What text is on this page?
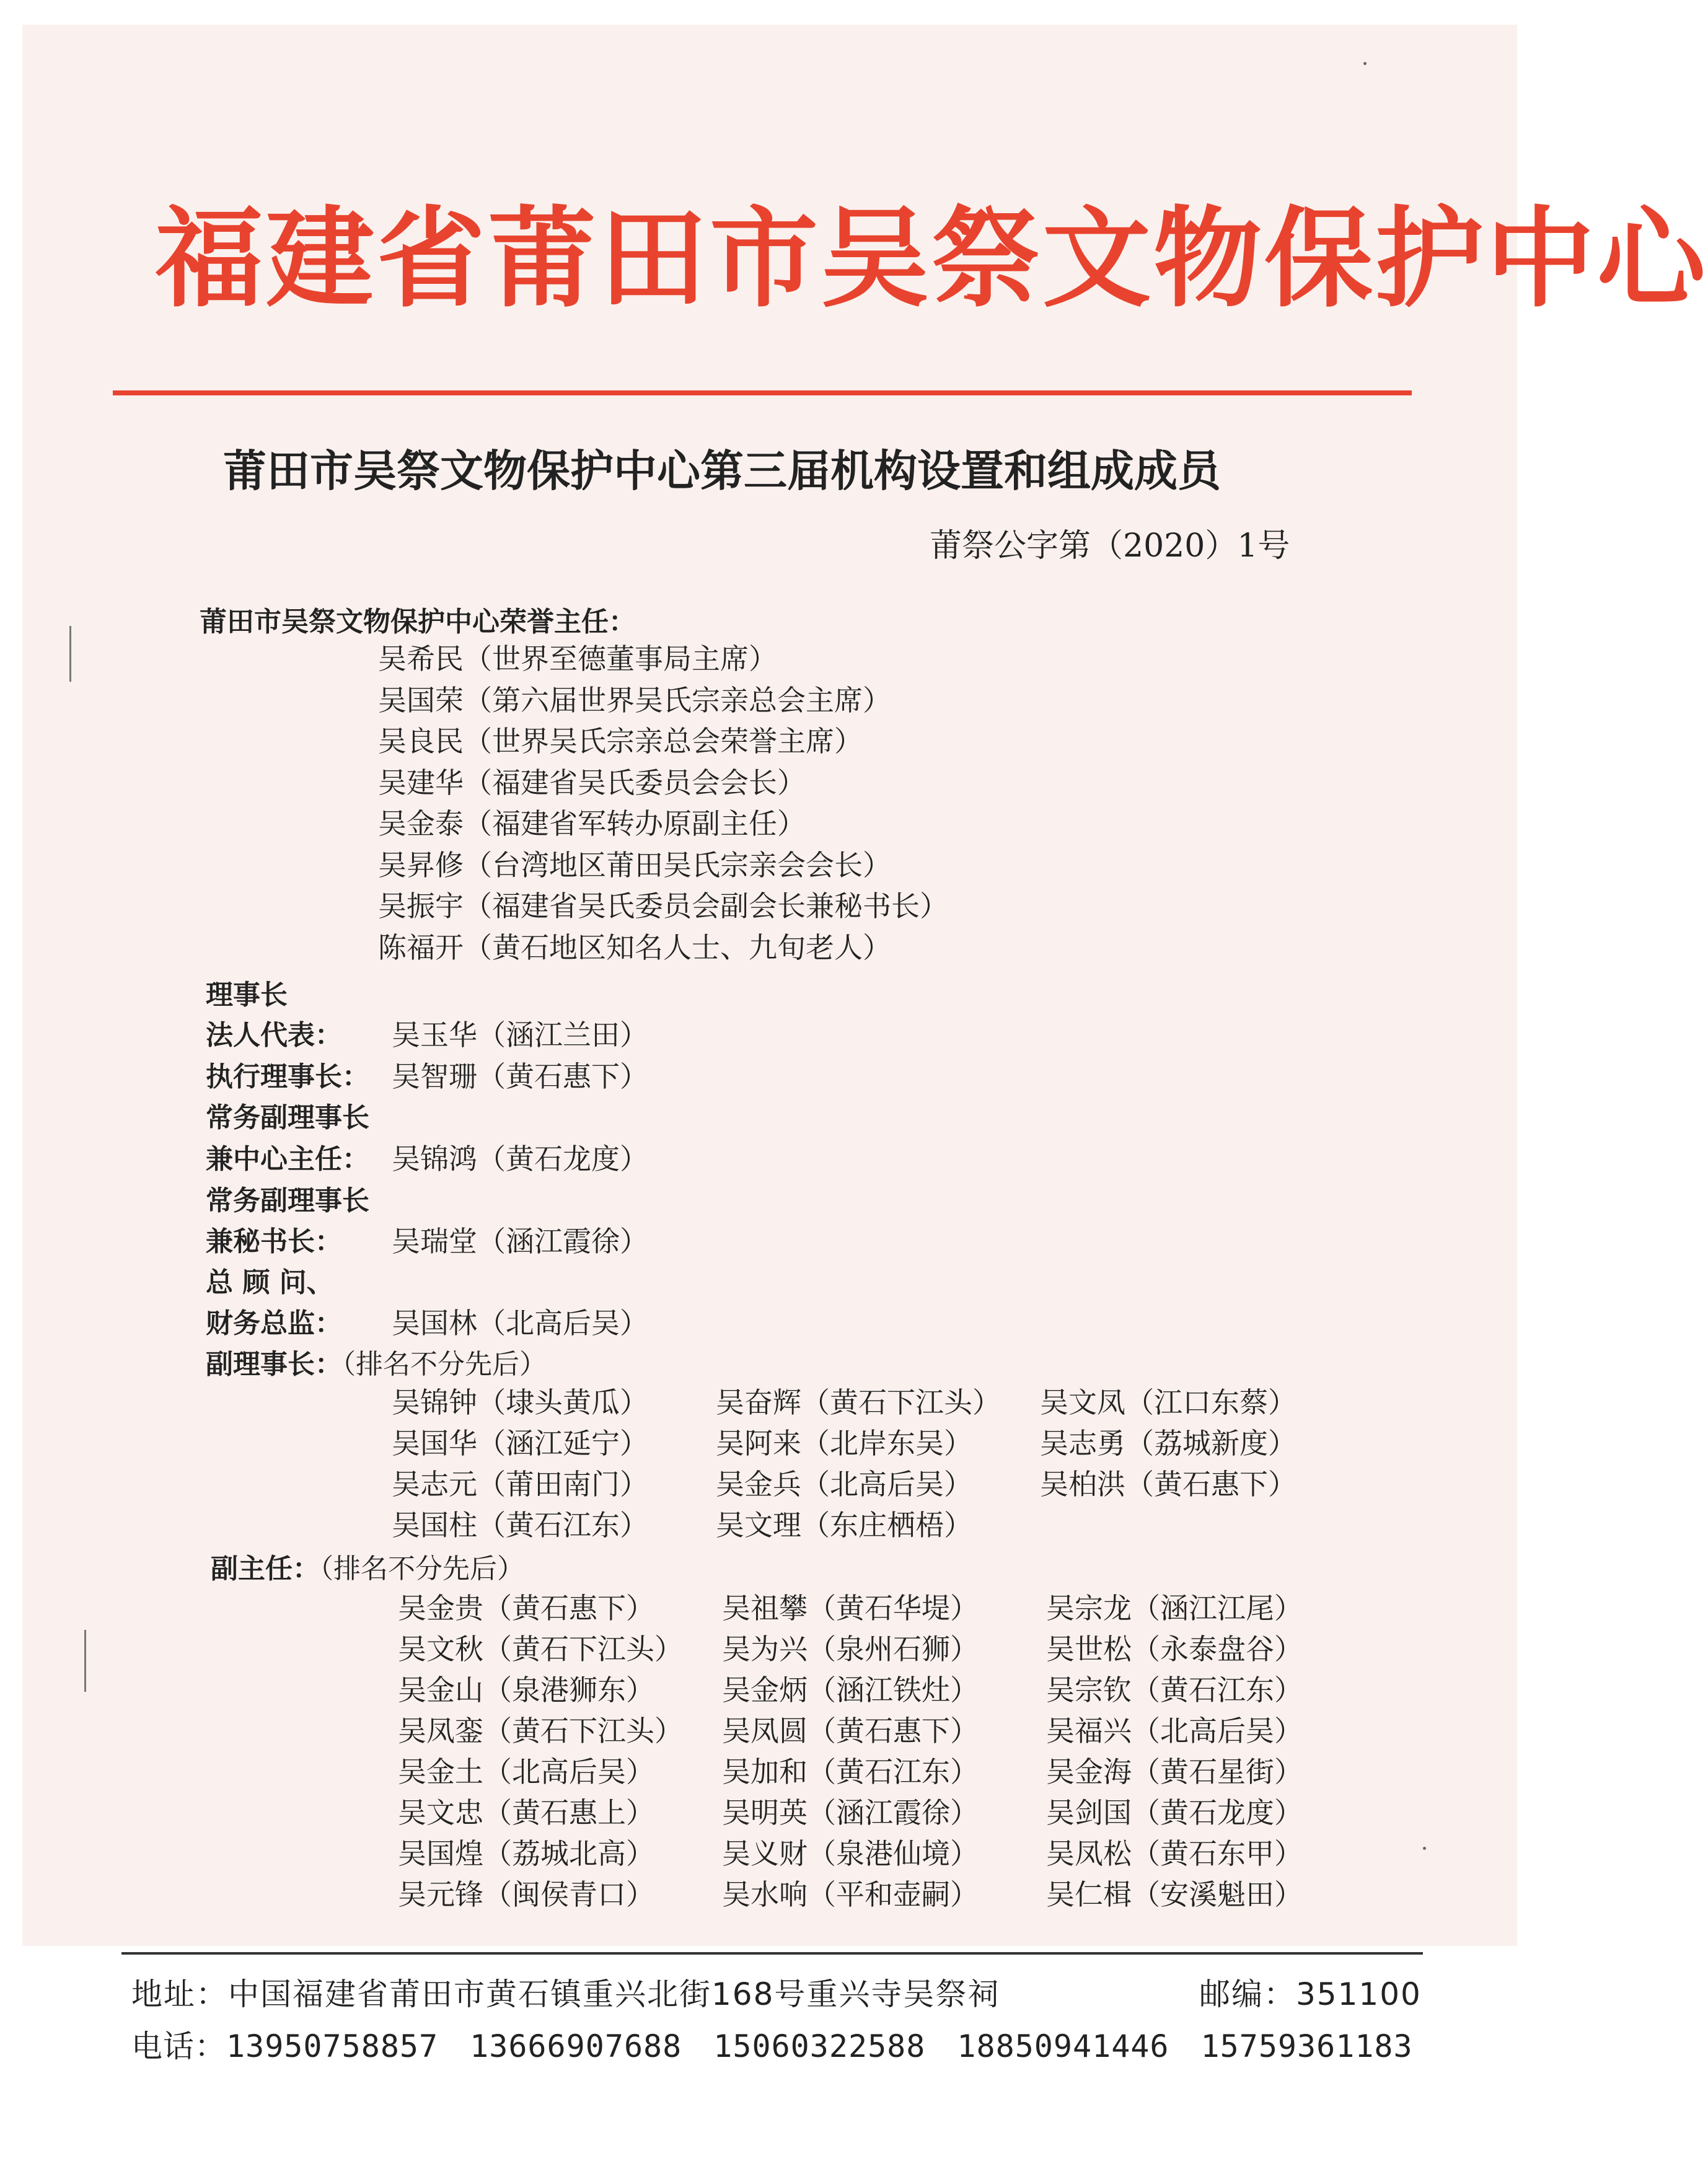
福建省莆田市吴祭文物保护中心
莆田市吴祭文物保护中心第三届机构设置和组成成员
莆祭公字第（2020）1号
莆田市吴祭文物保护中心荣誉主任：
吴希民（世界至德董事局主席）
吴国荣（第六届世界吴氏宗亲总会主席）
吴良民（世界吴氏宗亲总会荣誉主席）
吴建华（福建省吴氏委员会会长）
吴金泰（福建省军转办原副主任）
吴昇修（台湾地区莆田吴氏宗亲会会长）
吴振宇（福建省吴氏委员会副会长兼秘书长）
陈福开（黄石地区知名人士、九旬老人）
理事长
法人代表： 吴玉华（涵江兰田）
执行理事长： 吴智珊（黄石惠下）
常务副理事长
兼中心主任： 吴锦鸿（黄石龙度）
常务副理事长
兼秘书长： 吴瑞堂（涵江霞徐）
总 顾 问、
财务总监： 吴国林（北高后吴）
副理事长：（排名不分先后）
吴锦钟（埭头黄瓜） 吴奋辉（黄石下江头） 吴文凤（江口东蔡）
吴国华（涵江延宁） 吴阿来（北岸东吴） 吴志勇（荔城新度）
吴志元（莆田南门） 吴金兵（北高后吴） 吴柏洪（黄石惠下）
吴国柱（黄石江东） 吴文理（东庄栖梧）
副主任：（排名不分先后）
吴金贵（黄石惠下） 吴祖攀（黄石华堤） 吴宗龙（涵江江尾）
吴文秋（黄石下江头） 吴为兴（泉州石狮） 吴世松（永泰盘谷）
吴金山（泉港狮东） 吴金炳（涵江铁灶） 吴宗钦（黄石江东）
吴凤銮（黄石下江头） 吴凤圆（黄石惠下） 吴福兴（北高后吴）
吴金土（北高后吴） 吴加和（黄石江东） 吴金海（黄石星街）
吴文忠（黄石惠上） 吴明英（涵江霞徐） 吴剑国（黄石龙度）
吴国煌（荔城北高） 吴义财（泉港仙境） 吴凤松（黄石东甲）
吴元锋（闽侯青口） 吴水响（平和壶嗣） 吴仁楫（安溪魁田）
地址：中国福建省莆田市黄石镇重兴北街168号重兴寺吴祭祠	邮编：351100
电话：13950758857　13666907688　15060322588　18850941446　15759361183
